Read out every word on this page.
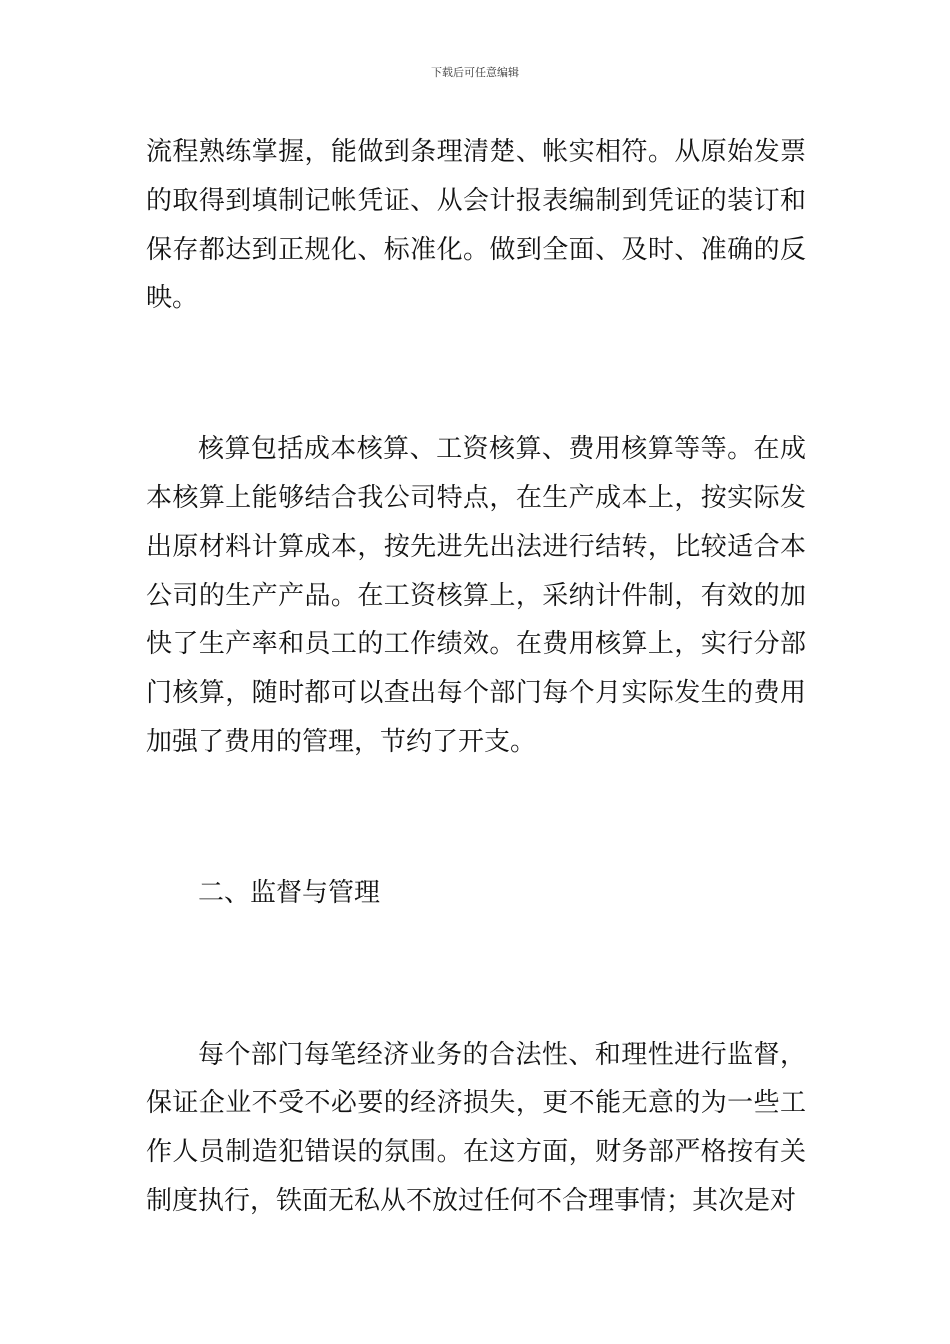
下载后可任意编辑

流程熟练掌握，能做到条理清楚、帐实相符。从原始发票的取得到填制记帐凭证、从会计报表编制到凭证的装订和保存都达到正规化、标准化。做到全面、及时、准确的反映。

核算包括成本核算、工资核算、费用核算等等。在成本核算上能够结合我公司特点，在生产成本上，按实际发出原材料计算成本，按先进先出法进行结转，比较适合本公司的生产产品。在工资核算上，采纳计件制，有效的加快了生产率和员工的工作绩效。在费用核算上，实行分部门核算，随时都可以查出每个部门每个月实际发生的费用加强了费用的管理，节约了开支。

二、监督与管理

每个部门每笔经济业务的合法性、和理性进行监督，保证企业不受不必要的经济损失，更不能无意的为一些工作人员制造犯错误的氛围。在这方面，财务部严格按有关制度执行，铁面无私从不放过任何不合理事情；其次是对
